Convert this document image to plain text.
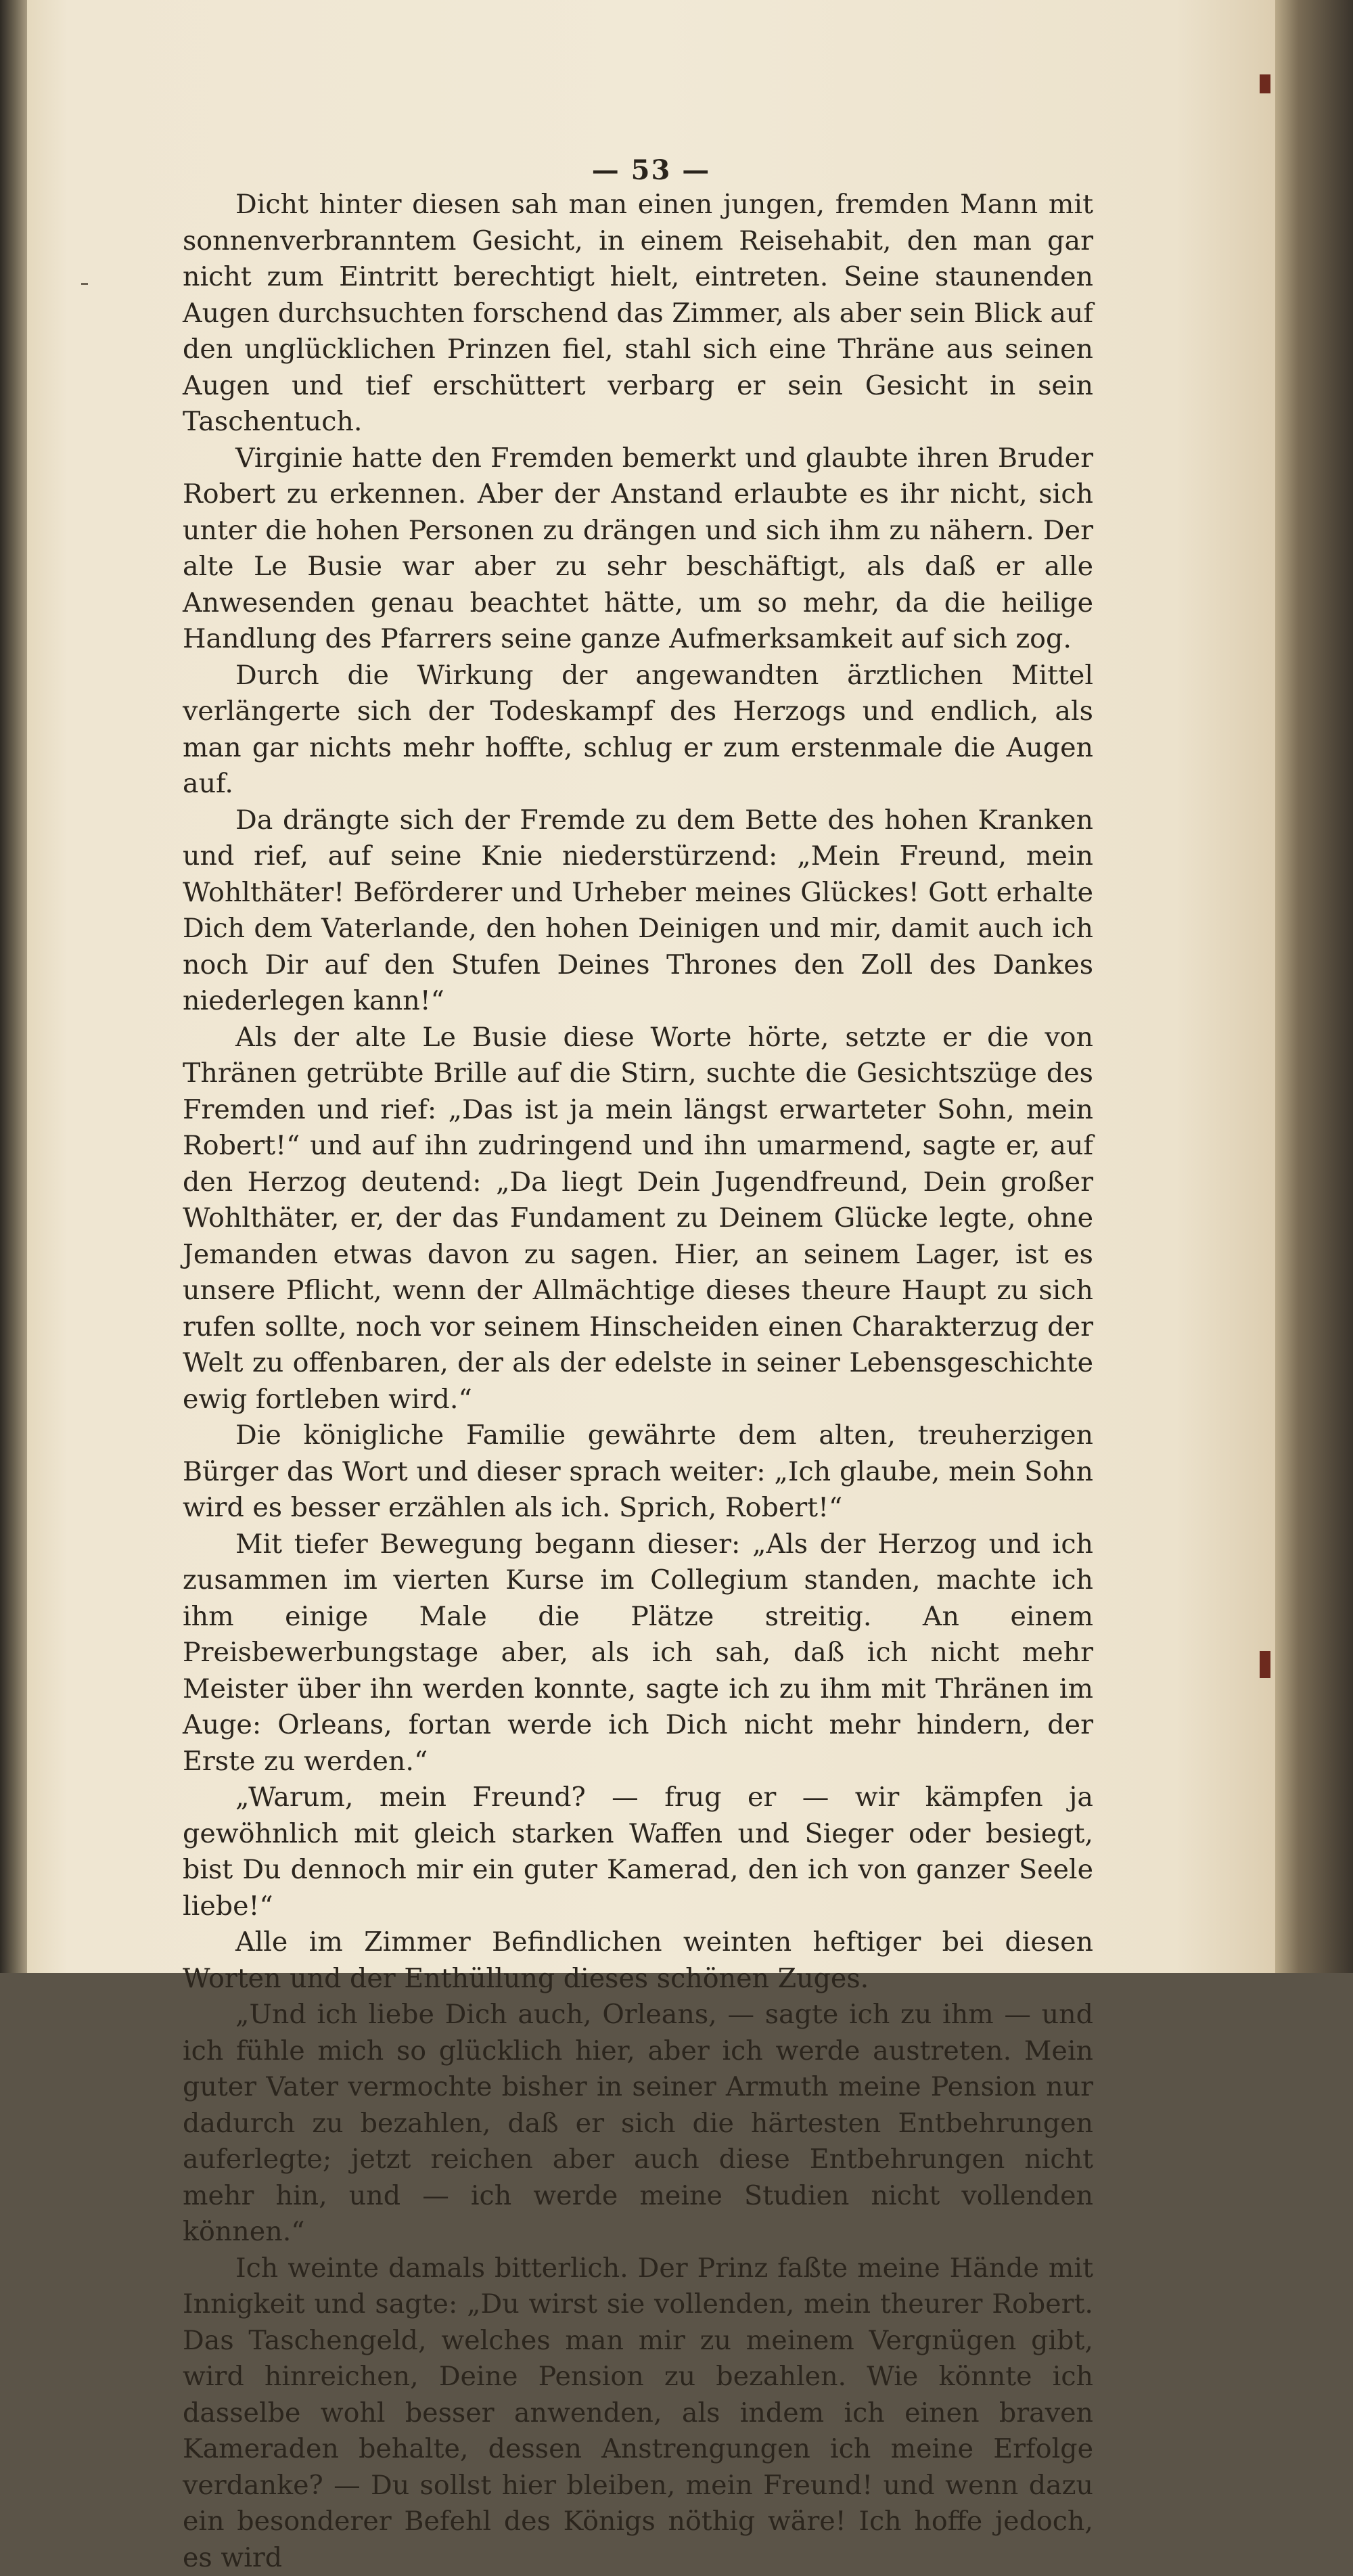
— 53 —

Dicht hinter diesen sah man einen jungen, fremden Mann mit sonnenverbranntem Gesicht, in einem Reisehabit, den man gar nicht zum Eintritt berechtigt hielt, eintreten. Seine staunenden Augen durchsuchten forschend das Zimmer, als aber sein Blick auf den unglücklichen Prinzen fiel, stahl sich eine Thräne aus seinen Augen und tief erschüttert verbarg er sein Gesicht in sein Taschentuch.

Virginie hatte den Fremden bemerkt und glaubte ihren Bruder Robert zu erkennen. Aber der Anstand erlaubte es ihr nicht, sich unter die hohen Personen zu drängen und sich ihm zu nähern. Der alte Le Busie war aber zu sehr beschäftigt, als daß er alle Anwesenden genau beachtet hätte, um so mehr, da die heilige Handlung des Pfarrers seine ganze Aufmerksamkeit auf sich zog.

Durch die Wirkung der angewandten ärztlichen Mittel verlängerte sich der Todeskampf des Herzogs und endlich, als man gar nichts mehr hoffte, schlug er zum erstenmale die Augen auf.

Da drängte sich der Fremde zu dem Bette des hohen Kranken und rief, auf seine Knie niederstürzend: „Mein Freund, mein Wohlthäter! Beförderer und Urheber meines Glückes! Gott erhalte Dich dem Vaterlande, den hohen Deinigen und mir, damit auch ich noch Dir auf den Stufen Deines Thrones den Zoll des Dankes niederlegen kann!“

Als der alte Le Busie diese Worte hörte, setzte er die von Thränen getrübte Brille auf die Stirn, suchte die Gesichtszüge des Fremden und rief: „Das ist ja mein längst erwarteter Sohn, mein Robert!“ und auf ihn zudringend und ihn umarmend, sagte er, auf den Herzog deutend: „Da liegt Dein Jugendfreund, Dein großer Wohlthäter, er, der das Fundament zu Deinem Glücke legte, ohne Jemanden etwas davon zu sagen. Hier, an seinem Lager, ist es unsere Pflicht, wenn der Allmächtige dieses theure Haupt zu sich rufen sollte, noch vor seinem Hinscheiden einen Charakterzug der Welt zu offenbaren, der als der edelste in seiner Lebensgeschichte ewig fortleben wird.“

Die königliche Familie gewährte dem alten, treuherzigen Bürger das Wort und dieser sprach weiter: „Ich glaube, mein Sohn wird es besser erzählen als ich. Sprich, Robert!“

Mit tiefer Bewegung begann dieser: „Als der Herzog und ich zusammen im vierten Kurse im Collegium standen, machte ich ihm einige Male die Plätze streitig. An einem Preisbewerbungstage aber, als ich sah, daß ich nicht mehr Meister über ihn werden konnte, sagte ich zu ihm mit Thränen im Auge: Orleans, fortan werde ich Dich nicht mehr hindern, der Erste zu werden.“

„Warum, mein Freund? — frug er — wir kämpfen ja gewöhnlich mit gleich starken Waffen und Sieger oder besiegt, bist Du dennoch mir ein guter Kamerad, den ich von ganzer Seele liebe!“

Alle im Zimmer Befindlichen weinten heftiger bei diesen Worten und der Enthüllung dieses schönen Zuges.

„Und ich liebe Dich auch, Orleans, — sagte ich zu ihm — und ich fühle mich so glücklich hier, aber ich werde austreten. Mein guter Vater vermochte bisher in seiner Armuth meine Pension nur dadurch zu bezahlen, daß er sich die härtesten Entbehrungen auferlegte; jetzt reichen aber auch diese Entbehrungen nicht mehr hin, und — ich werde meine Studien nicht vollenden können.“

Ich weinte damals bitterlich. Der Prinz faßte meine Hände mit Innigkeit und sagte: „Du wirst sie vollenden, mein theurer Robert. Das Taschengeld, welches man mir zu meinem Vergnügen gibt, wird hinreichen, Deine Pension zu bezahlen. Wie könnte ich dasselbe wohl besser anwenden, als indem ich einen braven Kameraden behalte, dessen Anstrengungen ich meine Erfolge verdanke? — Du sollst hier bleiben, mein Freund! und wenn dazu ein besonderer Befehl des Königs nöthig wäre! Ich hoffe jedoch, es wird
